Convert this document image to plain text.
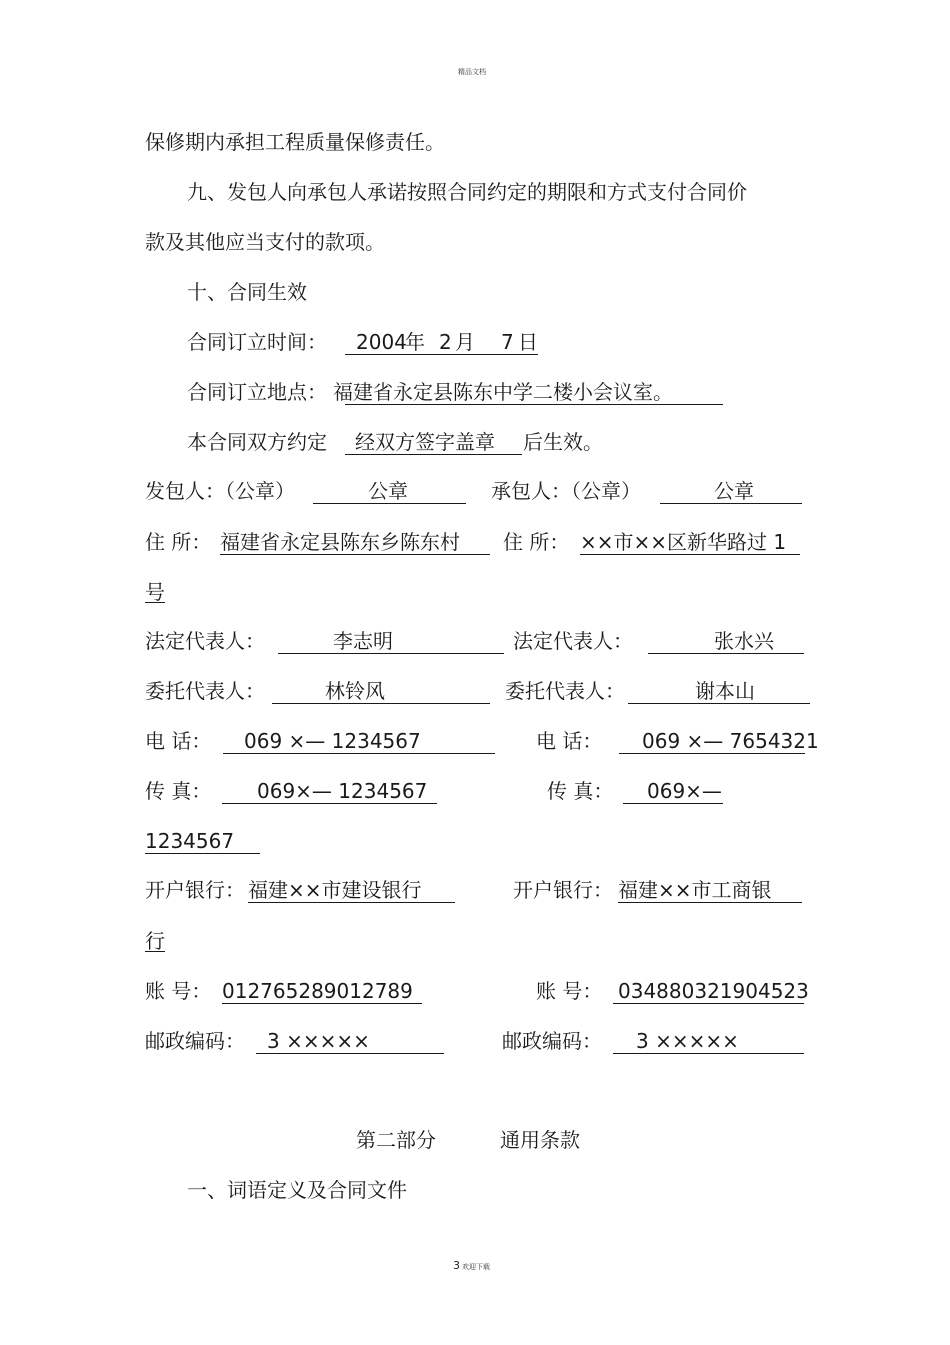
精品文档
保修期内承担工程质量保修责任。
九、发包人向承包人承诺按照合同约定的期限和方式支付合同价
款及其他应当支付的款项。
十、合同生效
合同订立时间： 2004
年 2 月 7 日
合同订立地点： 福建省永定县陈东中学二楼小会议室。
本合同双方约定 经双方签字盖章 后生效。
发包人：（公章）	公章	承包人：（公章）	公章
住 所： 福建省永定县陈东乡陈东村 住 所： ××市××区新华路过 1
号
法定代表人：	李志明	法定代表人：	张水兴
委托代表人：	林铃风	委托代表人：	谢本山
电 话： 069 ×— 1234567	电 话： 069 ×— 7654321
传 真： 069×— 1234567	传 真： 069×—
1234567
开户银行： 福建××市建设银行	开户银行： 福建××市工商银
行
账 号： 012765289012789	账 号： 034880321904523
邮政编码： 3 ×××××	邮政编码： 3 ×××××
第二部分	通用条款
一、词语定义及合同文件
3 欢迎下载
